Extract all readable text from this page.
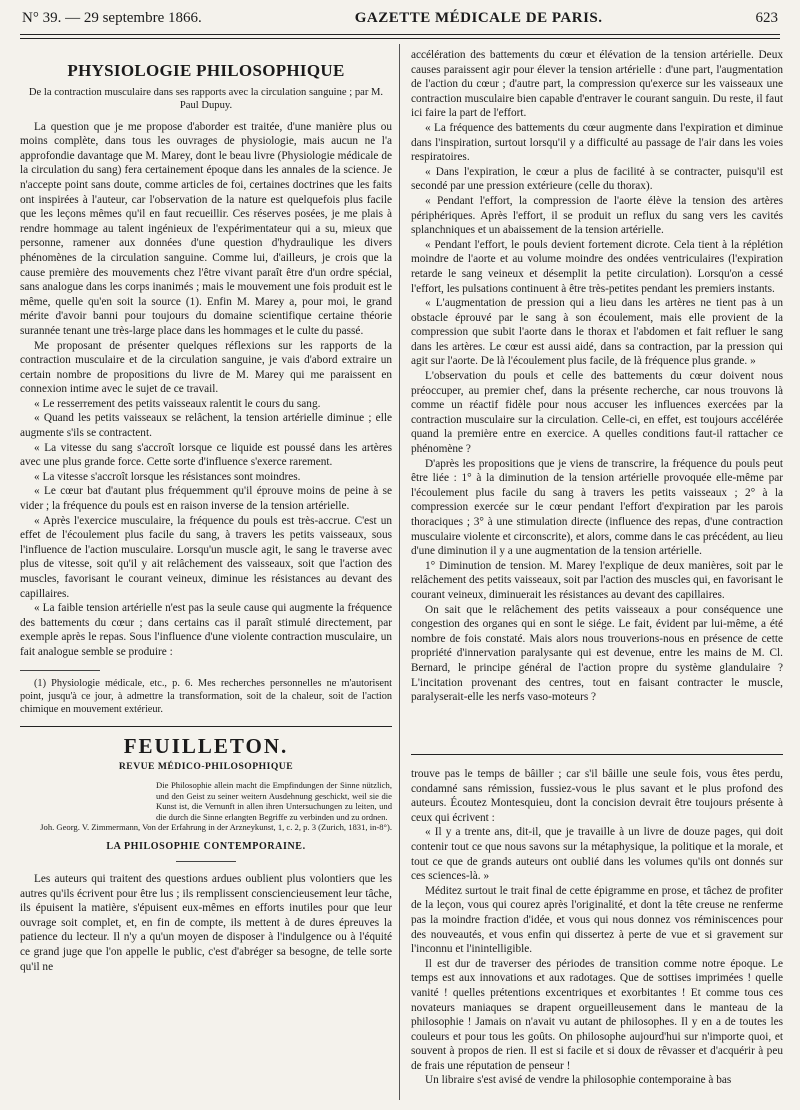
N° 39. — 29 septembre 1866.	GAZETTE MÉDICALE DE PARIS.	623
PHYSIOLOGIE PHILOSOPHIQUE
De la contraction musculaire dans ses rapports avec la circulation sanguine ; par M. Paul Dupuy.

La question que je me propose d'aborder est traitée, d'une manière plus ou moins complète, dans tous les ouvrages de physiologie, mais aucun ne l'a approfondie davantage que M. Marey, dont le beau livre (Physiologie médicale de la circulation du sang) fera certainement époque dans les annales de la science. Je n'accepte point sans doute, comme articles de foi, certaines doctrines que les faits ont inspirées à l'auteur, car l'observation de la nature est quelquefois plus facile que les leçons mêmes qu'il en faut recueillir. Ces réserves posées, je me plais à rendre hommage au talent ingénieux de l'expérimentateur qui a su, mieux que personne, ramener aux données d'une question d'hydraulique les divers phénomènes de la circulation sanguine. Comme lui, d'ailleurs, je crois que la cause première des mouvements chez l'être vivant paraît être d'un ordre spécial, sans analogue dans les corps inanimés ; mais le mouvement une fois produit est le même, quelle qu'en soit la source (1). Enfin M. Marey a, pour moi, le grand mérite d'avoir banni pour toujours du domaine scientifique certaine théorie surannée tenant une très-large place dans les hommages et le culte du passé.

Me proposant de présenter quelques réflexions sur les rapports de la contraction musculaire et de la circulation sanguine, je vais d'abord extraire un certain nombre de propositions du livre de M. Marey qui me paraissent en connexion intime avec le sujet de ce travail.

« Le resserrement des petits vaisseaux ralentit le cours du sang.

« Quand les petits vaisseaux se relâchent, la tension artérielle diminue ; elle augmente s'ils se contractent.

« La vitesse du sang s'accroît lorsque ce liquide est poussé dans les artères avec une plus grande force. Cette sorte d'influence s'exerce rarement.

« La vitesse s'accroît lorsque les résistances sont moindres.

« Le cœur bat d'autant plus fréquemment qu'il éprouve moins de peine à se vider ; la fréquence du pouls est en raison inverse de la tension artérielle.

« Après l'exercice musculaire, la fréquence du pouls est très-accrue. C'est un effet de l'écoulement plus facile du sang, à travers les petits vaisseaux, sous l'influence de l'action musculaire. Lorsqu'un muscle agit, le sang le traverse avec plus de vitesse, soit qu'il y ait relâchement des vaisseaux, soit que l'action des muscles, favorisant le courant veineux, diminue les résistances au devant des capillaires.

« La faible tension artérielle n'est pas la seule cause qui augmente la fréquence des battements du cœur ; dans certains cas il paraît stimulé directement, par exemple après le repas. Sous l'influence d'une violente contraction musculaire, un fait analogue semble se produire :

(1) Physiologie médicale, etc., p. 6. Mes recherches personnelles ne m'autorisent point, jusqu'à ce jour, à admettre la transformation, soit de la chaleur, soit de l'action chimique en mouvement extérieur.

FEUILLETON.
REVUE MÉDICO-PHILOSOPHIQUE
Die Philosophie allein macht die Empfindungen der Sinne nützlich, und den Geist zu seiner weitern Ausdehnung geschickt, weil sie die Kunst ist, die Vernunft in allen ihren Untersuchungen zu leiten, und die durch die Sinne erlangten Begriffe zu verbinden und zu ordnen.
Joh. Georg. V. Zimmermann, Von der Erfahrung in der Arzneykunst, 1, c. 2, p. 3 (Zurich, 1831, in-8°).
LA PHILOSOPHIE CONTEMPORAINE.

Les auteurs qui traitent des questions ardues oublient plus volontiers que les autres qu'ils écrivent pour être lus ; ils remplissent consciencieusement leur tâche, ils épuisent la matière, s'épuisent eux-mêmes en efforts inutiles pour que leur ouvrage soit complet, et, en fin de compte, ils mettent à de dures épreuves la patience du lecteur. Il n'y a qu'un moyen de disposer à l'indulgence ou à l'équité ce grand juge que l'on appelle le public, c'est d'abréger sa besogne, de telle sorte qu'il ne

accélération des battements du cœur et élévation de la tension artérielle. Deux causes paraissent agir pour élever la tension artérielle : d'une part, l'augmentation de l'action du cœur ; d'autre part, la compression qu'exerce sur les vaisseaux une contraction musculaire bien capable d'entraver le courant sanguin. Du reste, il faut ici faire la part de l'effort.

« La fréquence des battements du cœur augmente dans l'expiration et diminue dans l'inspiration, surtout lorsqu'il y a difficulté au passage de l'air dans les voies respiratoires.

« Dans l'expiration, le cœur a plus de facilité à se contracter, puisqu'il est secondé par une pression extérieure (celle du thorax).

« Pendant l'effort, la compression de l'aorte élève la tension des artères périphériques. Après l'effort, il se produit un reflux du sang vers les cavités splanchniques et un abaissement de la tension artérielle.

« Pendant l'effort, le pouls devient fortement dicrote. Cela tient à la réplétion moindre de l'aorte et au volume moindre des ondées ventriculaires (l'expiration retarde le sang veineux et désemplit la petite circulation). Lorsqu'on a cessé l'effort, les pulsations continuent à être très-petites pendant les premiers instants.

« L'augmentation de pression qui a lieu dans les artères ne tient pas à un obstacle éprouvé par le sang à son écoulement, mais elle provient de la compression que subit l'aorte dans le thorax et l'abdomen et fait refluer le sang dans les artères. Le cœur est aussi aidé, dans sa contraction, par la pression qui agit sur l'aorte. De là l'écoulement plus facile, de là fréquence plus grande. »

L'observation du pouls et celle des battements du cœur doivent nous préoccuper, au premier chef, dans la présente recherche, car nous trouvons là comme un réactif fidèle pour nous accuser les influences exercées par la contraction musculaire sur la circulation. Celle-ci, en effet, est toujours accélérée quand la première entre en exercice. A quelles conditions faut-il rattacher ce phénomène ?

D'après les propositions que je viens de transcrire, la fréquence du pouls peut être liée : 1° à la diminution de la tension artérielle provoquée elle-même par l'écoulement plus facile du sang à travers les petits vaisseaux ; 2° à la compression exercée sur le cœur pendant l'effort d'expiration par les parois thoraciques ; 3° à une stimulation directe (influence des repas, d'une contraction musculaire violente et circonscrite), et alors, comme dans le cas précédent, au lieu d'une diminution il y a une augmentation de la tension artérielle.

1° Diminution de tension. M. Marey l'explique de deux manières, soit par le relâchement des petits vaisseaux, soit par l'action des muscles qui, en favorisant le courant veineux, diminuerait les résistances au devant des capillaires.

On sait que le relâchement des petits vaisseaux a pour conséquence une congestion des organes qui en sont le siége. Le fait, évident par lui-même, a été nombre de fois constaté. Mais alors nous trouverions-nous en présence de cette propriété d'innervation paralysante qui est devenue, entre les mains de M. Cl. Bernard, le principe général de l'action propre du système glandulaire ? L'incitation provenant des centres, tout en faisant contracter le muscle, paralyserait-elle les nerfs vaso-moteurs ?

trouve pas le temps de bâiller ; car s'il bâille une seule fois, vous êtes perdu, condamné sans rémission, fussiez-vous le plus savant et le plus profond des auteurs. Écoutez Montesquieu, dont la concision devrait être toujours présente à ceux qui écrivent :

« Il y a trente ans, dit-il, que je travaille à un livre de douze pages, qui doit contenir tout ce que nous savons sur la métaphysique, la politique et la morale, et tout ce que de grands auteurs ont oublié dans les volumes qu'ils ont donnés sur ces sciences-là. »

Méditez surtout le trait final de cette épigramme en prose, et tâchez de profiter de la leçon, vous qui courez après l'originalité, et dont la tête creuse ne renferme pas la moindre fraction d'idée, et vous qui nous donnez vos réminiscences pour des nouveautés, et vous enfin qui dissertez à perte de vue et si gravement sur l'inconnu et l'inintelligible.

Il est dur de traverser des périodes de transition comme notre époque. Le temps est aux innovations et aux radotages. Que de sottises imprimées ! quelle vanité ! quelles prétentions excentriques et exorbitantes ! Et comme tous ces novateurs maniaques se drapent orgueilleusement dans le manteau de la philosophie ! Jamais on n'avait vu autant de philosophes. Il y en a de toutes les couleurs et pour tous les goûts. On philosophe aujourd'hui sur n'importe quoi, et souvent à propos de rien. Il est si facile et si doux de rêvasser et d'acquérir à peu de frais une réputation de penseur !

Un libraire s'est avisé de vendre la philosophie contemporaine à bas
